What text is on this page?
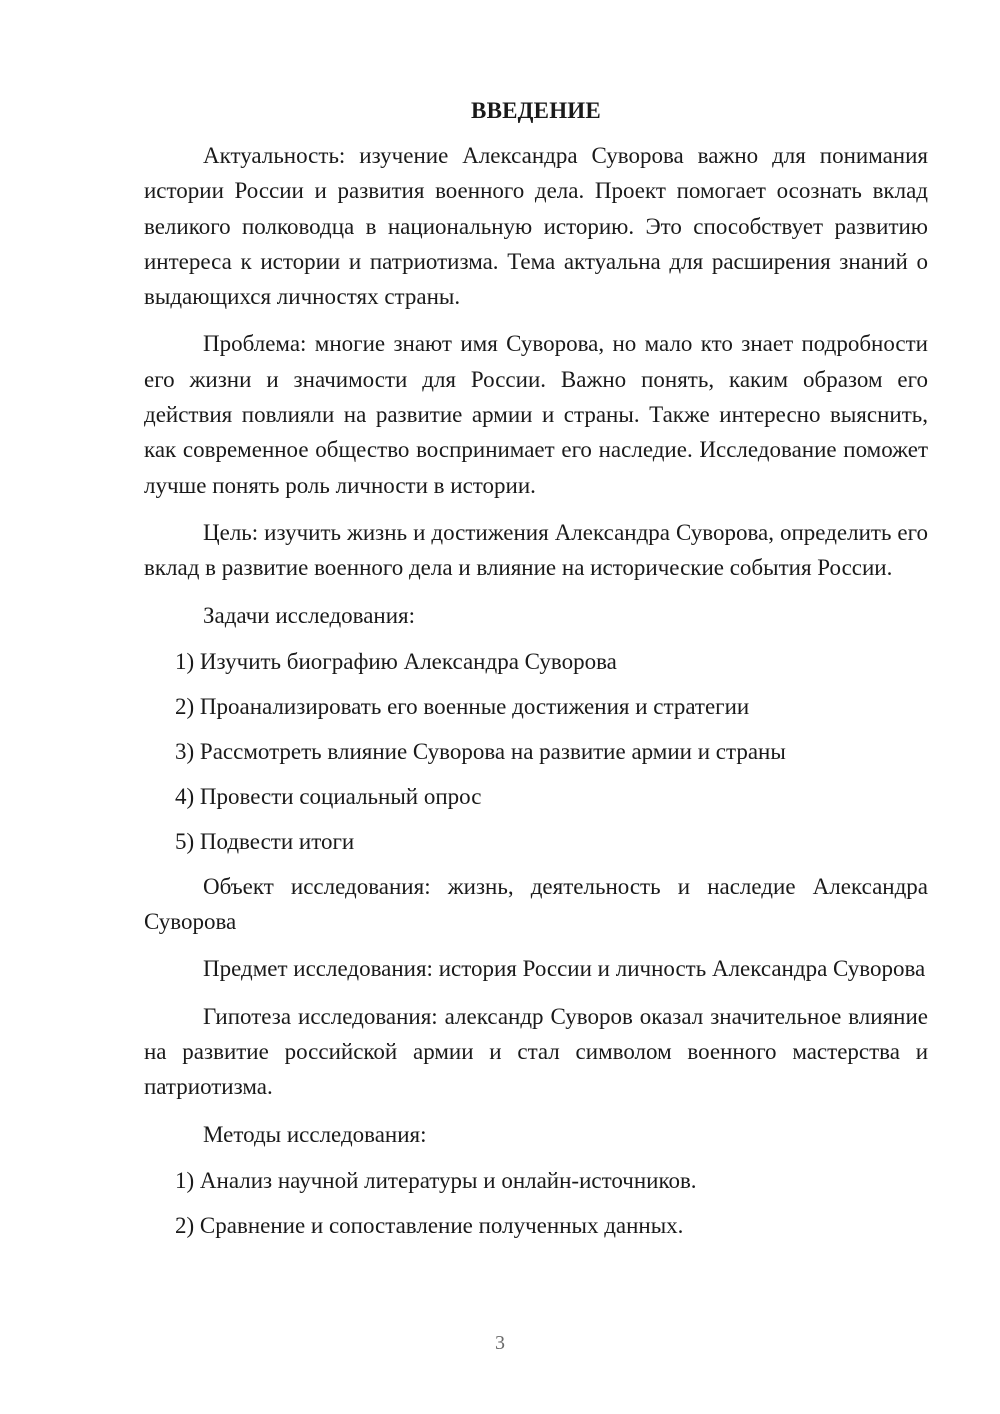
ВВЕДЕНИЕ

Актуальность: изучение Александра Суворова важно для понимания истории России и развития военного дела. Проект помогает осознать вклад великого полководца в национальную историю. Это способствует развитию интереса к истории и патриотизма. Тема актуальна для расширения знаний о выдающихся личностях страны.

Проблема: многие знают имя Суворова, но мало кто знает подробности его жизни и значимости для России. Важно понять, каким образом его действия повлияли на развитие армии и страны. Также интересно выяснить, как современное общество воспринимает его наследие. Исследование поможет лучше понять роль личности в истории.

Цель: изучить жизнь и достижения Александра Суворова, определить его вклад в развитие военного дела и влияние на исторические события России.

Задачи исследования:

1) Изучить биографию Александра Суворова
2) Проанализировать его военные достижения и стратегии
3) Рассмотреть влияние Суворова на развитие армии и страны
4) Провести социальный опрос
5) Подвести итоги

Объект исследования: жизнь, деятельность и наследие Александра Суворова

Предмет исследования: история России и личность Александра Суворова

Гипотеза исследования: александр Суворов оказал значительное влияние на развитие российской армии и стал символом военного мастерства и патриотизма.

Методы исследования:

1) Анализ научной литературы и онлайн-источников.
2) Сравнение и сопоставление полученных данных.
3
